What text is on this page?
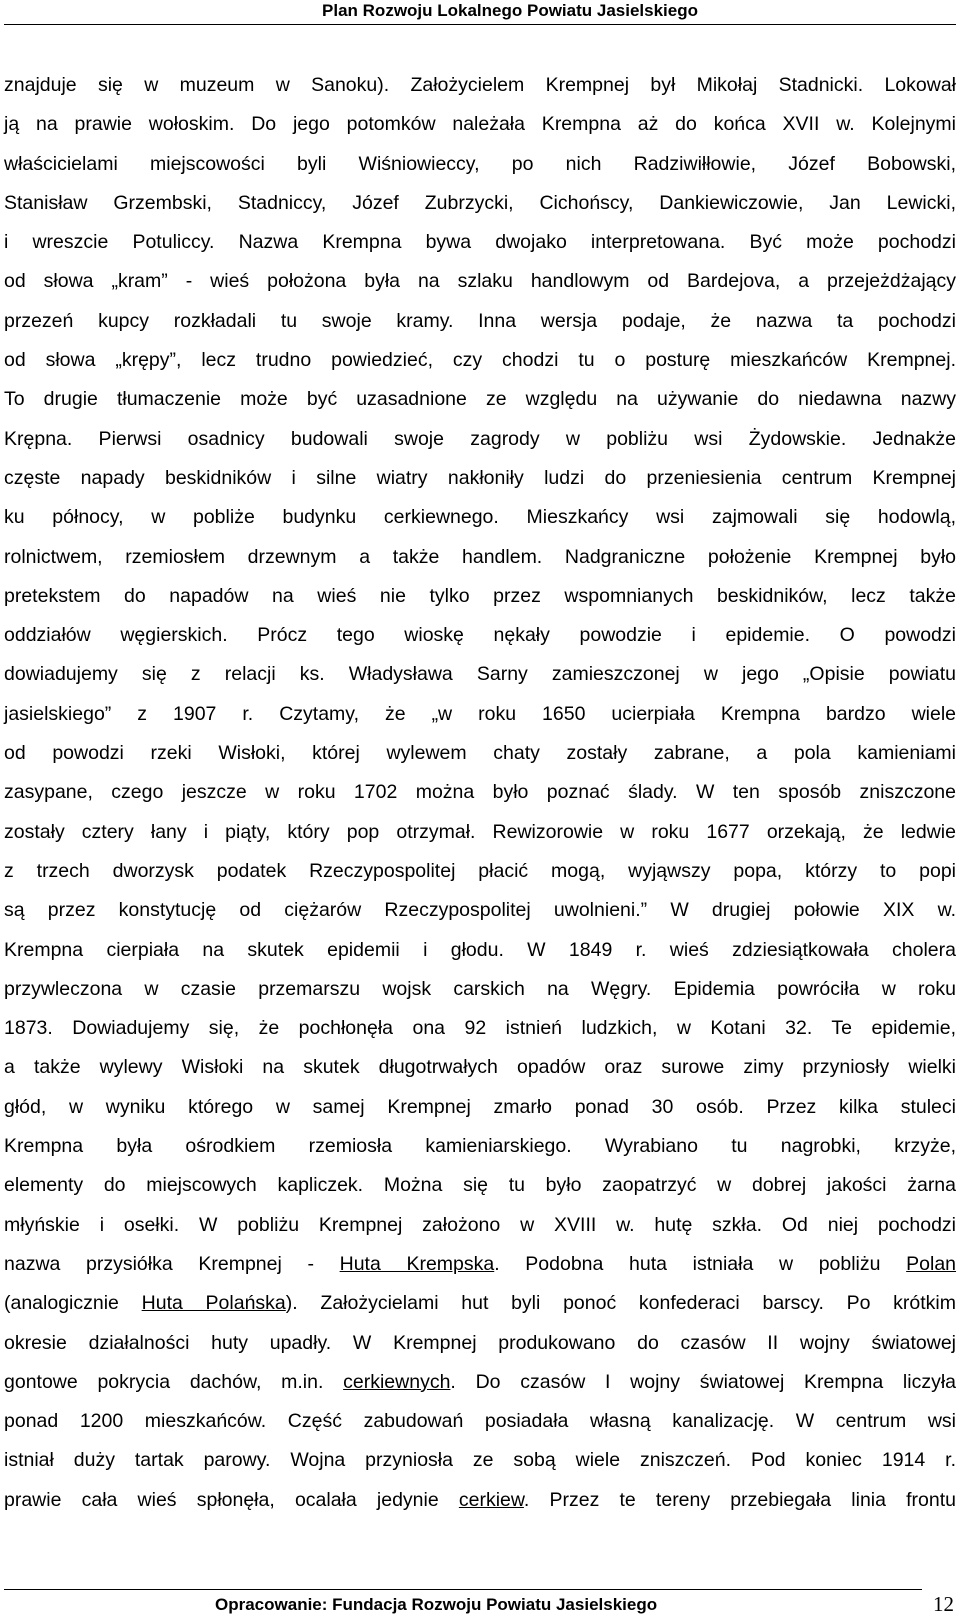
Plan Rozwoju Lokalnego Powiatu Jasielskiego
znajduje się w muzeum w Sanoku). Założycielem Krempnej był Mikołaj Stadnicki. Lokował
ją na prawie wołoskim. Do jego potomków należała Krempna aż do końca XVII w. Kolejnymi
właścicielami miejscowości byli Wiśniowieccy, po nich Radziwiłłowie, Józef Bobowski,
Stanisław Grzembski, Stadniccy, Józef Zubrzycki, Cichońscy, Dankiewiczowie, Jan Lewicki,
i wreszcie Potuliccy. Nazwa Krempna bywa dwojako interpretowana. Być może pochodzi
od słowa „kram” - wieś położona była na szlaku handlowym od Bardejova, a przejeżdżający
przezeń kupcy rozkładali tu swoje kramy. Inna wersja podaje, że nazwa ta pochodzi
od słowa „krępy”, lecz trudno powiedzieć, czy chodzi tu o posturę mieszkańców Krempnej.
To drugie tłumaczenie może być uzasadnione ze względu na używanie do niedawna nazwy
Krępna. Pierwsi osadnicy budowali swoje zagrody w pobliżu wsi Żydowskie. Jednakże
częste napady beskidników i silne wiatry nakłoniły ludzi do przeniesienia centrum Krempnej
ku północy, w pobliże budynku cerkiewnego. Mieszkańcy wsi zajmowali się hodowlą,
rolnictwem, rzemiosłem drzewnym a także handlem. Nadgraniczne położenie Krempnej było
pretekstem do napadów na wieś nie tylko przez wspomnianych beskidników, lecz także
oddziałów węgierskich. Prócz tego wioskę nękały powodzie i epidemie. O powodzi
dowiadujemy się z relacji ks. Władysława Sarny zamieszczonej w jego „Opisie powiatu
jasielskiego” z 1907 r. Czytamy, że „w roku 1650 ucierpiała Krempna bardzo wiele
od powodzi rzeki Wisłoki, której wylewem chaty zostały zabrane, a pola kamieniami
zasypane, czego jeszcze w roku 1702 można było poznać ślady. W ten sposób zniszczone
zostały cztery łany i piąty, który pop otrzymał. Rewizorowie w roku 1677 orzekają, że ledwie
z trzech dworzysk podatek Rzeczypospolitej płacić mogą, wyjąwszy popa, którzy to popi
są przez konstytucję od ciężarów Rzeczypospolitej uwolnieni.” W drugiej połowie XIX w.
Krempna cierpiała na skutek epidemii i głodu. W 1849 r. wieś zdziesiątkowała cholera
przywleczona w czasie przemarszu wojsk carskich na Węgry. Epidemia powróciła w roku
1873. Dowiadujemy się, że pochłonęła ona 92 istnień ludzkich, w Kotani 32. Te epidemie,
a także wylewy Wisłoki na skutek długotrwałych opadów oraz surowe zimy przyniosły wielki
głód, w wyniku którego w samej Krempnej zmarło ponad 30 osób. Przez kilka stuleci
Krempna była ośrodkiem rzemiosła kamieniarskiego. Wyrabiano tu nagrobki, krzyże,
elementy do miejscowych kapliczek. Można się tu było zaopatrzyć w dobrej jakości żarna
młyńskie i osełki. W pobliżu Krempnej założono w XVIII w. hutę szkła. Od niej pochodzi
nazwa przysiółka Krempnej - Huta Krempska. Podobna huta istniała w pobliżu Polan
(analogicznie Huta Polańska). Założycielami hut byli ponoć konfederaci barscy. Po krótkim
okresie działalności huty upadły. W Krempnej produkowano do czasów II wojny światowej
gontowe pokrycia dachów, m.in. cerkiewnych. Do czasów I wojny światowej Krempna liczyła
ponad 1200 mieszkańców. Część zabudowań posiadała własną kanalizację. W centrum wsi
istniał duży tartak parowy. Wojna przyniosła ze sobą wiele zniszczeń. Pod koniec 1914 r.
prawie cała wieś spłonęła, ocalała jedynie cerkiew. Przez te tereny przebiegała linia frontu
Opracowanie: Fundacja Rozwoju Powiatu Jasielskiego	12
